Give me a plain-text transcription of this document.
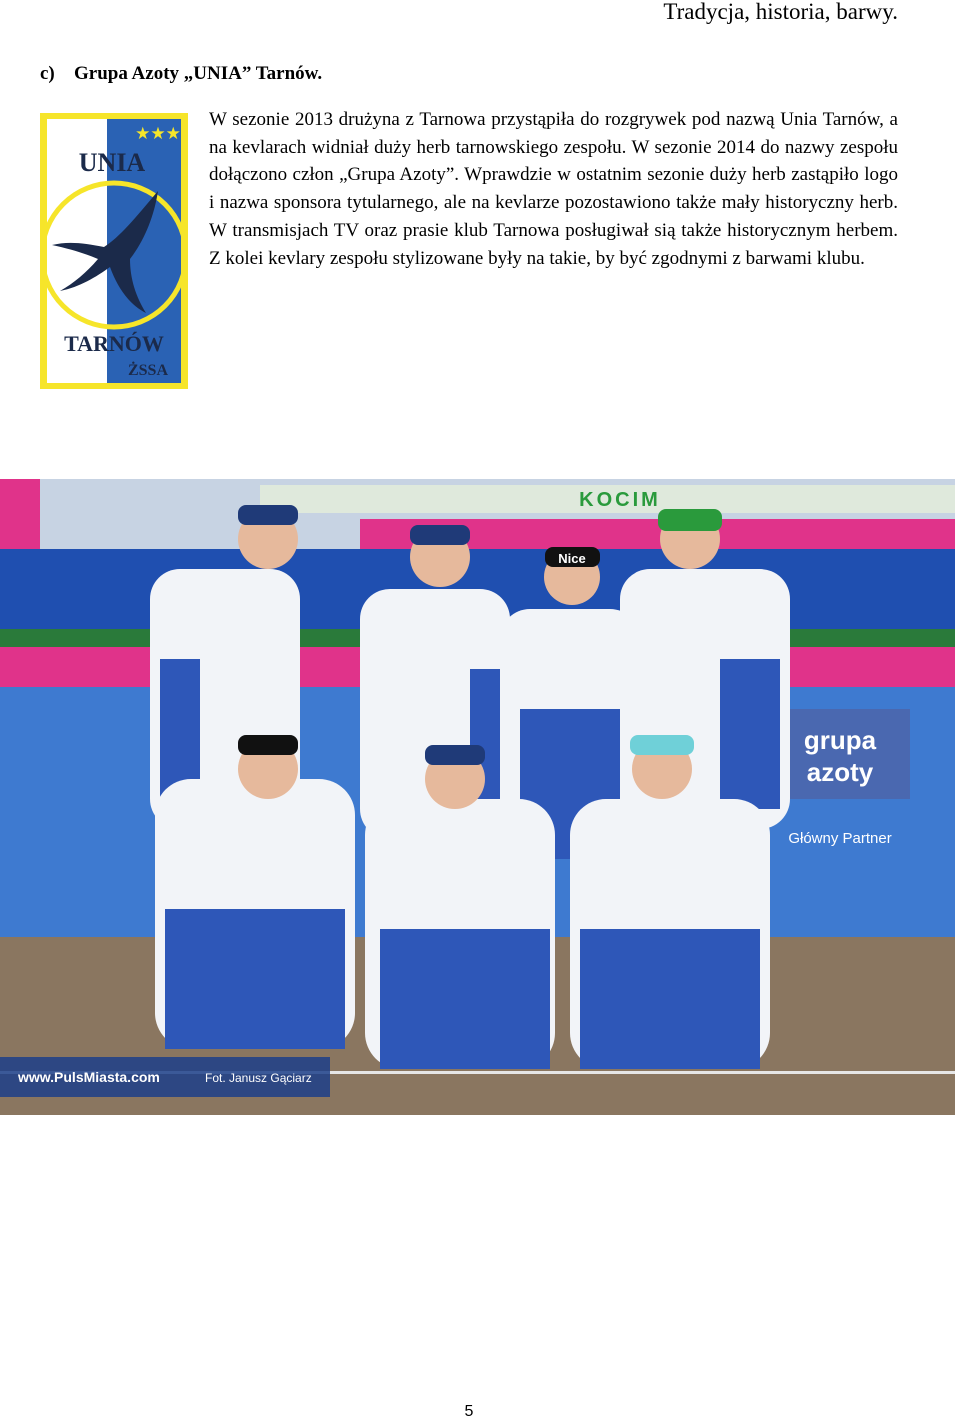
Tradycja, historia, barwy.
c) Grupa Azoty „UNIA” Tarnów.
★★★
UNIA
TARNÓW
ŻSSA
W sezonie 2013 drużyna z Tarnowa przystąpiła do rozgrywek pod nazwą Unia Tarnów, a na kevlarach widniał duży herb tarnowskiego zespołu. W sezonie 2014 do nazwy zespołu dołączono człon „Grupa Azoty”. Wprawdzie w ostatnim sezonie duży herb zastąpiło logo i nazwa sponsora tytularnego, ale na kevlarze pozostawiono także mały historyczny herb. W transmisjach TV oraz prasie klub Tarnowa posługiwał sią także historycznym herbem. Z kolei kevlary zespołu stylizowane były na takie, by być zgodnymi z barwami klubu.
KOCIM
grupa
azoty
Główny Partner
Nice
www.PulsMiasta.com	Fot. Janusz Gąciarz
5
